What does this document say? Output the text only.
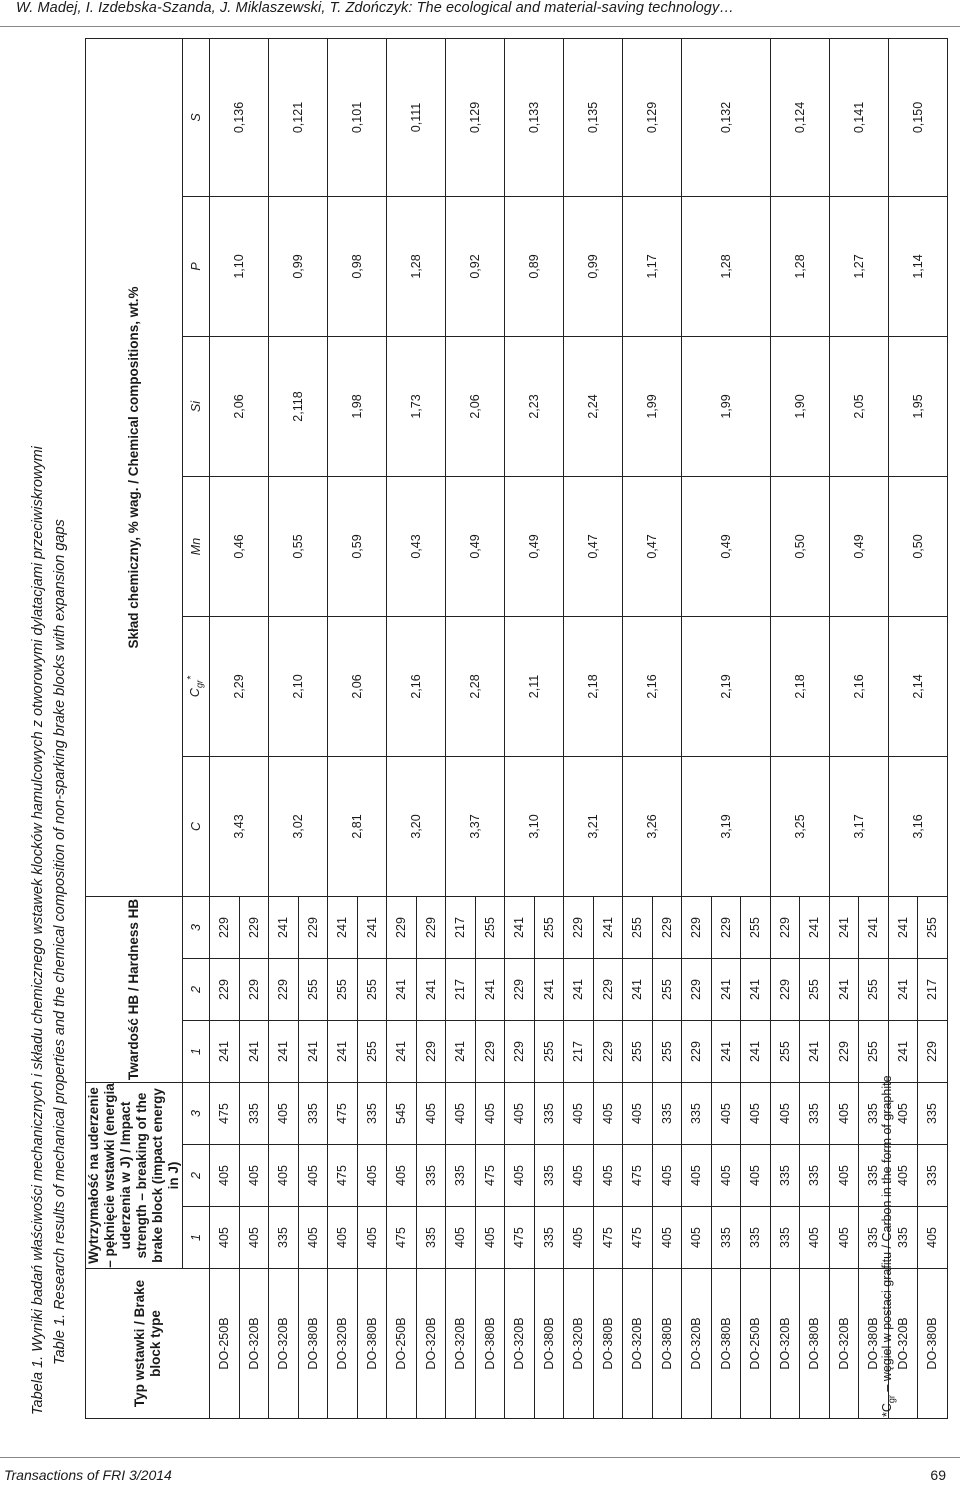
W. Madej, I. Izdebska-Szanda, J. Miklaszewski, T. Zdończyk: The ecological and material-saving technology…
Tabela 1. Wyniki badań właściwości mechanicznych i składu chemicznego wstawek klocków hamulcowych z otworowymi dylatacjami przeciwiskrowymi Table 1. Research results of mechanical properties and the chemical composition of non-sparking brake blocks with expansion gaps	Typ wstawki / Brake block type	Wytrzymałość na uderzenie – pęknięcie wstawki (energia uderzenia w J) / Impact strength – breaking of the brake block (impact energy in J)			Twardość HB / Hardness HB			Skład chemiczny, % wag. / Chemical compositions, wt.%					
	1	2	3	1	2	3	C	$C_{gr}^*$	Mn	Si	P	S
DO-250B	405	405	475	241	229	229	3,43	2,29	0,46	2,06	1,10	0,136
DO-320B	405	405	335	241	229	229						
DO-320B	335	405	405	241	229	241	3,02	2,10	0,55	2,118	0,99	0,121
DO-380B	405	405	335	241	255	229						
DO-320B	405	475	475	241	255	241	2,81	2,06	0,59	1,98	0,98	0,101
DO-380B	405	405	335	255	255	241						
DO-250B	475	405	545	241	241	229	3,20	2,16	0,43	1,73	1,28	0,111
DO-320B	335	335	405	229	241	229						
DO-320B	405	335	405	241	217	217	3,37	2,28	0,49	2,06	0,92	0,129
DO-380B	405	475	405	229	241	255						
DO-320B	475	405	405	229	229	241	3,10	2,11	0,49	2,23	0,89	0,133
DO-380B	335	335	335	255	241	255						
DO-320B	405	405	405	217	241	229	3,21	2,18	0,47	2,24	0,99	0,135
DO-380B	475	405	405	229	229	241						
DO-320B	475	475	405	255	241	255	3,26	2,16	0,47	1,99	1,17	0,129
DO-380B	405	405	335	255	255	229						
DO-320B	405	405	335	229	229	229	3,19	2,19	0,49	1,99	1,28	0,132
DO-380B	335	405	405	241	241	229						
DO-250B	335	405	405	241	241	255						
DO-320B	335	335	405	255	229	229	3,25	2,18	0,50	1,90	1,28	0,124
DO-380B	405	335	335	241	255	241						
DO-320B	405	405	405	229	241	241	3,17	2,16	0,49	2,05	1,27	0,141
DO-380B	335	335	335	255	255	241						
DO-320B	335	405	405	241	241	241	3,16	2,14	0,50	1,95	1,14	0,150
DO-380B	405	335	335	229	217	255						
$*C_{gr}$ – węgiel w postaci grafitu / Carbon in the form of graphite
Transactions of FRI 3/2014	69
